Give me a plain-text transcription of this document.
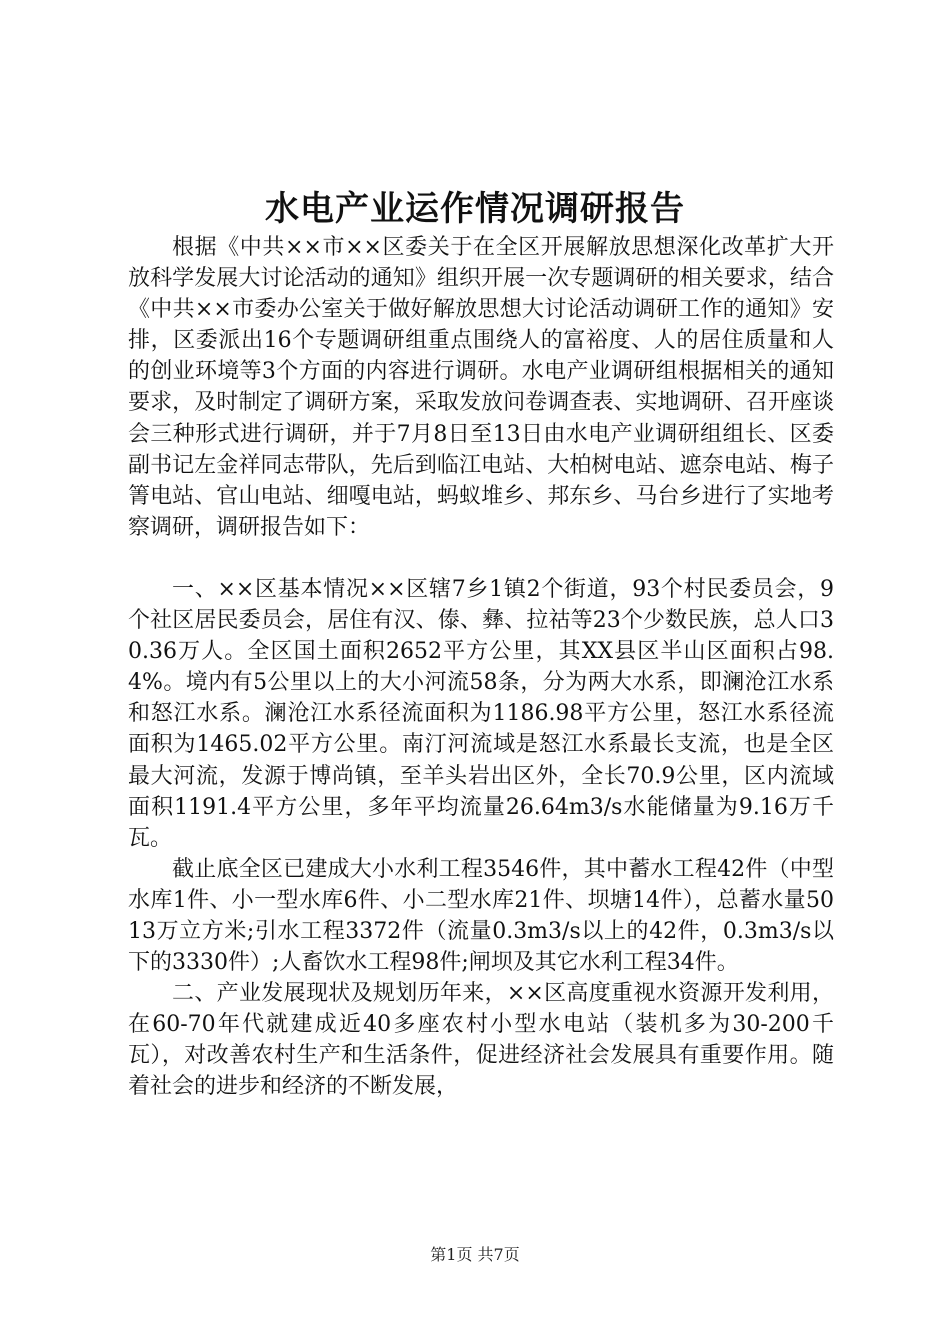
水电产业运作情况调研报告

根据《中共××市××区委关于在全区开展解放思想深化改革扩大开放科学发展大讨论活动的通知》组织开展一次专题调研的相关要求，结合《中共××市委办公室关于做好解放思想大讨论活动调研工作的通知》安排，区委派出16个专题调研组重点围绕人的富裕度、人的居住质量和人的创业环境等3个方面的内容进行调研。水电产业调研组根据相关的通知要求，及时制定了调研方案，采取发放问卷调查表、实地调研、召开座谈会三种形式进行调研，并于7月8日至13日由水电产业调研组组长、区委副书记左金祥同志带队，先后到临江电站、大柏树电站、遮奈电站、梅子箐电站、官山电站、细嘎电站，蚂蚁堆乡、邦东乡、马台乡进行了实地考察调研，调研报告如下：

一、××区基本情况××区辖7乡1镇2个街道，93个村民委员会，9个社区居民委员会，居住有汉、傣、彝、拉祜等23个少数民族，总人口30.36万人。全区国土面积2652平方公里，其XX县区半山区面积占98.4%。境内有5公里以上的大小河流58条，分为两大水系，即澜沧江水系和怒江水系。澜沧江水系径流面积为1186.98平方公里，怒江水系径流面积为1465.02平方公里。南汀河流域是怒江水系最长支流，也是全区最大河流，发源于博尚镇，至羊头岩出区外，全长70.9公里，区内流域面积1191.4平方公里，多年平均流量26.64m3/s水能储量为9.16万千瓦。

截止底全区已建成大小水利工程3546件，其中蓄水工程42件（中型水库1件、小一型水库6件、小二型水库21件、坝塘14件），总蓄水量5013万立方米;引水工程3372件（流量0.3m3/s以上的42件，0.3m3/s以下的3330件）;人畜饮水工程98件;闸坝及其它水利工程34件。

二、产业发展现状及规划历年来，××区高度重视水资源开发利用，在60-70年代就建成近40多座农村小型水电站（装机多为30-200千瓦），对改善农村生产和生活条件，促进经济社会发展具有重要作用。随着社会的进步和经济的不断发展，

第1页 共7页
